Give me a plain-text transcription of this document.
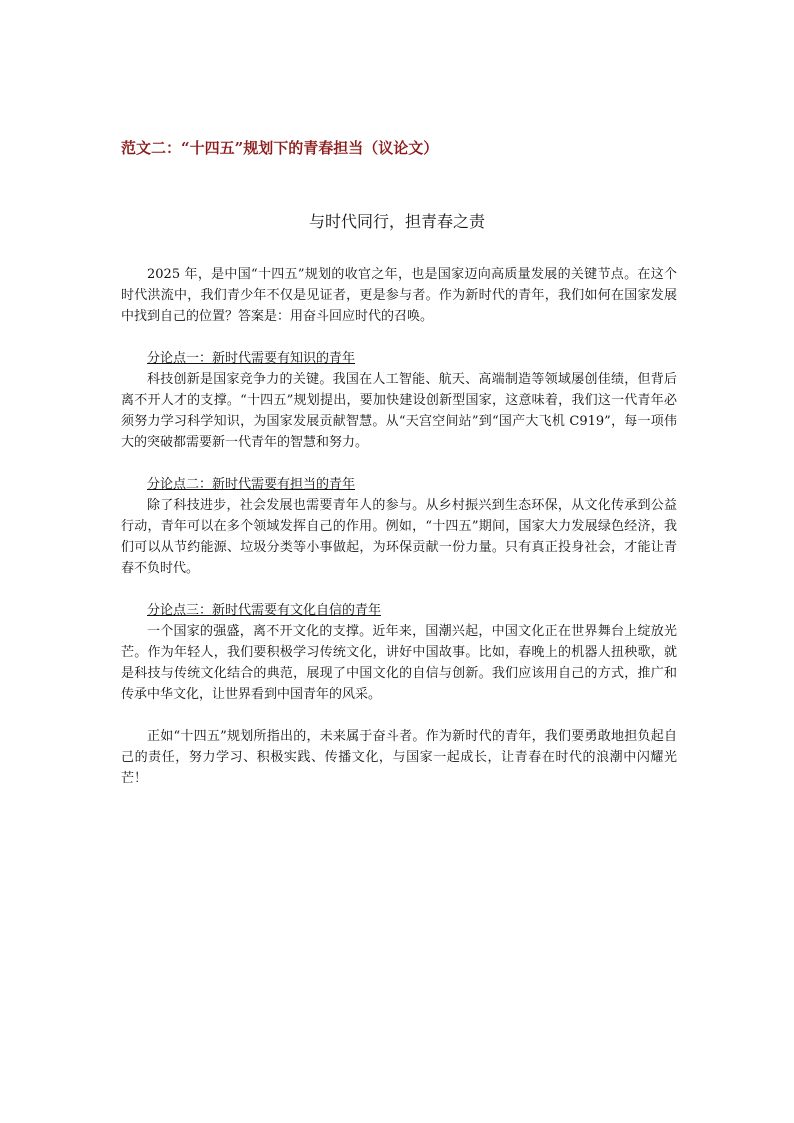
范文二：“十四五”规划下的青春担当（议论文）
与时代同行，担青春之责

2025 年，是中国“十四五”规划的收官之年，也是国家迈向高质量发展的关键节点。在这个时代洪流中，我们青少年不仅是见证者，更是参与者。作为新时代的青年，我们如何在国家发展中找到自己的位置？答案是：用奋斗回应时代的召唤。

分论点一：新时代需要有知识的青年

科技创新是国家竞争力的关键。我国在人工智能、航天、高端制造等领域屡创佳绩，但背后离不开人才的支撑。“十四五”规划提出，要加快建设创新型国家，这意味着，我们这一代青年必须努力学习科学知识，为国家发展贡献智慧。从“天宫空间站”到“国产大飞机 C919”，每一项伟大的突破都需要新一代青年的智慧和努力。

分论点二：新时代需要有担当的青年

除了科技进步，社会发展也需要青年人的参与。从乡村振兴到生态环保，从文化传承到公益行动，青年可以在多个领域发挥自己的作用。例如，“十四五”期间，国家大力发展绿色经济，我们可以从节约能源、垃圾分类等小事做起，为环保贡献一份力量。只有真正投身社会，才能让青春不负时代。

分论点三：新时代需要有文化自信的青年

一个国家的强盛，离不开文化的支撑。近年来，国潮兴起，中国文化正在世界舞台上绽放光芒。作为年轻人，我们要积极学习传统文化，讲好中国故事。比如，春晚上的机器人扭秧歌，就是科技与传统文化结合的典范，展现了中国文化的自信与创新。我们应该用自己的方式，推广和传承中华文化，让世界看到中国青年的风采。

正如“十四五”规划所指出的，未来属于奋斗者。作为新时代的青年，我们要勇敢地担负起自己的责任，努力学习、积极实践、传播文化，与国家一起成长，让青春在时代的浪潮中闪耀光芒！
